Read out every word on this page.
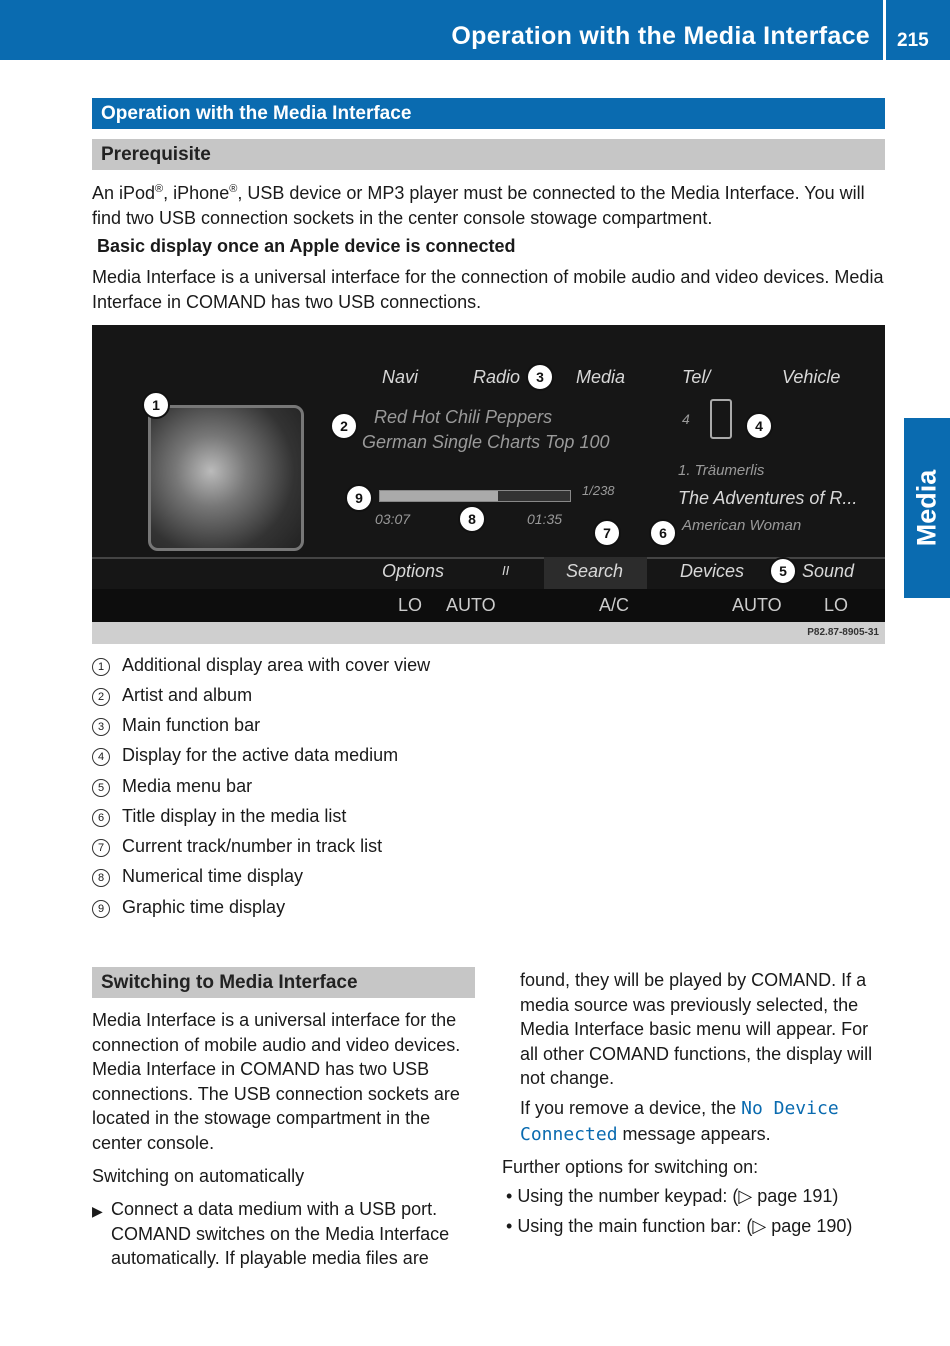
Operation with the Media Interface 215
Media
Operation with the Media Interface
Prerequisite

An iPod®, iPhone®, USB device or MP3 player must be connected to the Media Interface. You will find two USB connection sockets in the center console stowage compartment.

Basic display once an Apple device is connected

Media Interface is a universal interface for the connection of mobile audio and video devices. Media Interface in COMAND has two USB connections.

Navi	Radio	Media	Tel/	Vehicle
Red Hot Chili Peppers
German Single Charts Top 100
4
1/238
03:07	01:35
1. Träumerlis
The Adventures of R...
American Woman
Options	II	Search	Devices	Sound
LO AUTO	A/C	AUTO LO
1
2
3
4
5
6
7
8
9
P82.87-8905-31
1 Additional display area with cover view
2 Artist and album
3 Main function bar
4 Display for the active data medium
5 Media menu bar
6 Title display in the media list
7 Current track/number in track list
8 Numerical time display
9 Graphic time display
Switching to Media Interface

Media Interface is a universal interface for the connection of mobile audio and video devices. Media Interface in COMAND has two USB connections. The USB connection sockets are located in the stowage compartment in the center console.

Switching on automatically

▶ Connect a data medium with a USB port. COMAND switches on the Media Interface automatically. If playable media files are

found, they will be played by COMAND. If a media source was previously selected, the Media Interface basic menu will appear. For all other COMAND functions, the display will not change.

If you remove a device, the No Device
Connected message appears.

Further options for switching on:

• Using the number keypad: (▷ page 191)

• Using the main function bar: (▷ page 190)
